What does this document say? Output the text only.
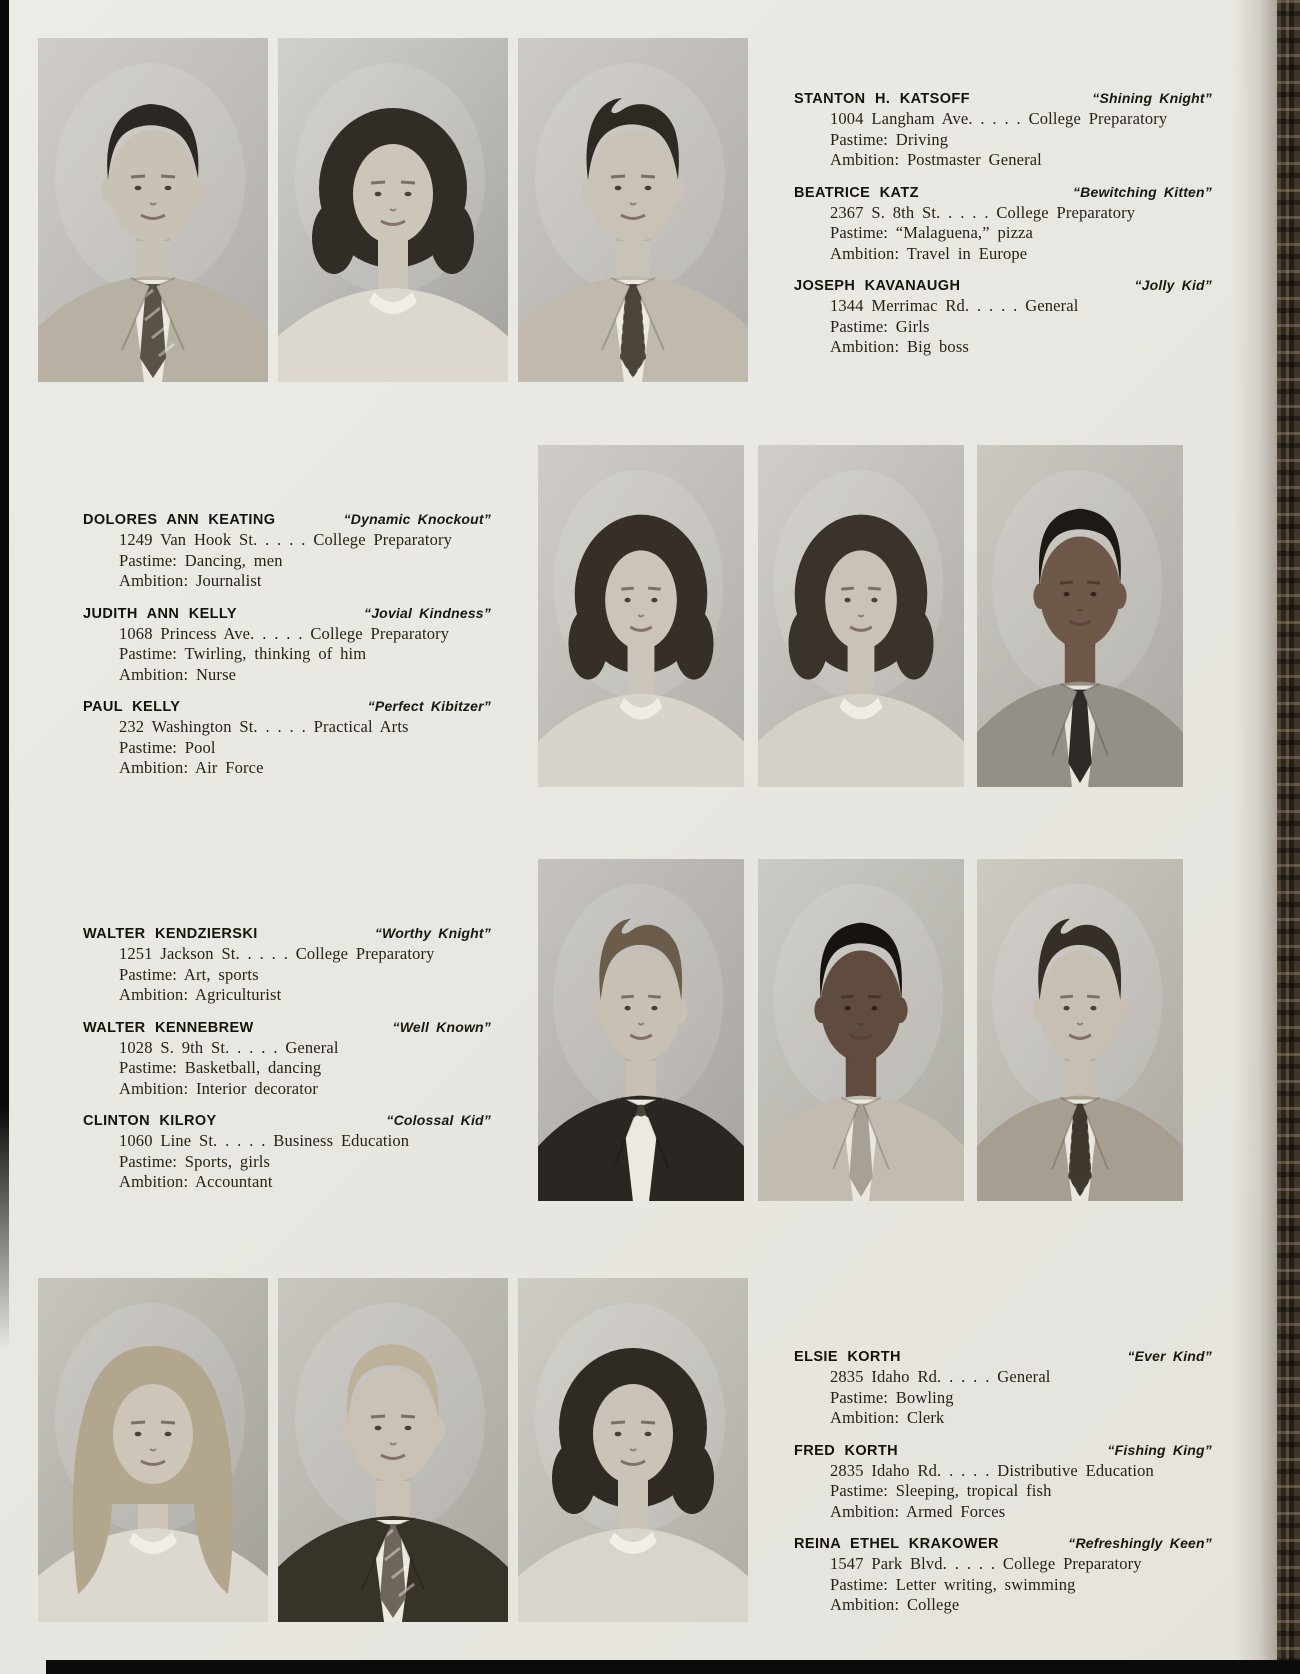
STANTON H. KATSOFF	“Shining Knight”
1004 Langham Ave. . . . . College Preparatory
Pastime: Driving
Ambition: Postmaster General
BEATRICE KATZ	“Bewitching Kitten”
2367 S. 8th St. . . . . College Preparatory
Pastime: “Malaguena,” pizza
Ambition: Travel in Europe
JOSEPH KAVANAUGH	“Jolly Kid”
1344 Merrimac Rd. . . . . General
Pastime: Girls
Ambition: Big boss
DOLORES ANN KEATING	“Dynamic Knockout”
1249 Van Hook St. . . . . College Preparatory
Pastime: Dancing, men
Ambition: Journalist
JUDITH ANN KELLY	“Jovial Kindness”
1068 Princess Ave. . . . . College Preparatory
Pastime: Twirling, thinking of him
Ambition: Nurse
PAUL KELLY	“Perfect Kibitzer”
232 Washington St. . . . . Practical Arts
Pastime: Pool
Ambition: Air Force
WALTER KENDZIERSKI	“Worthy Knight”
1251 Jackson St. . . . . College Preparatory
Pastime: Art, sports
Ambition: Agriculturist
WALTER KENNEBREW	“Well Known”
1028 S. 9th St. . . . . General
Pastime: Basketball, dancing
Ambition: Interior decorator
CLINTON KILROY	“Colossal Kid”
1060 Line St. . . . . Business Education
Pastime: Sports, girls
Ambition: Accountant
ELSIE KORTH	“Ever Kind”
2835 Idaho Rd. . . . . General
Pastime: Bowling
Ambition: Clerk
FRED KORTH	“Fishing King”
2835 Idaho Rd. . . . . Distributive Education
Pastime: Sleeping, tropical fish
Ambition: Armed Forces
REINA ETHEL KRAKOWER	“Refreshingly Keen”
1547 Park Blvd. . . . . College Preparatory
Pastime: Letter writing, swimming
Ambition: College
